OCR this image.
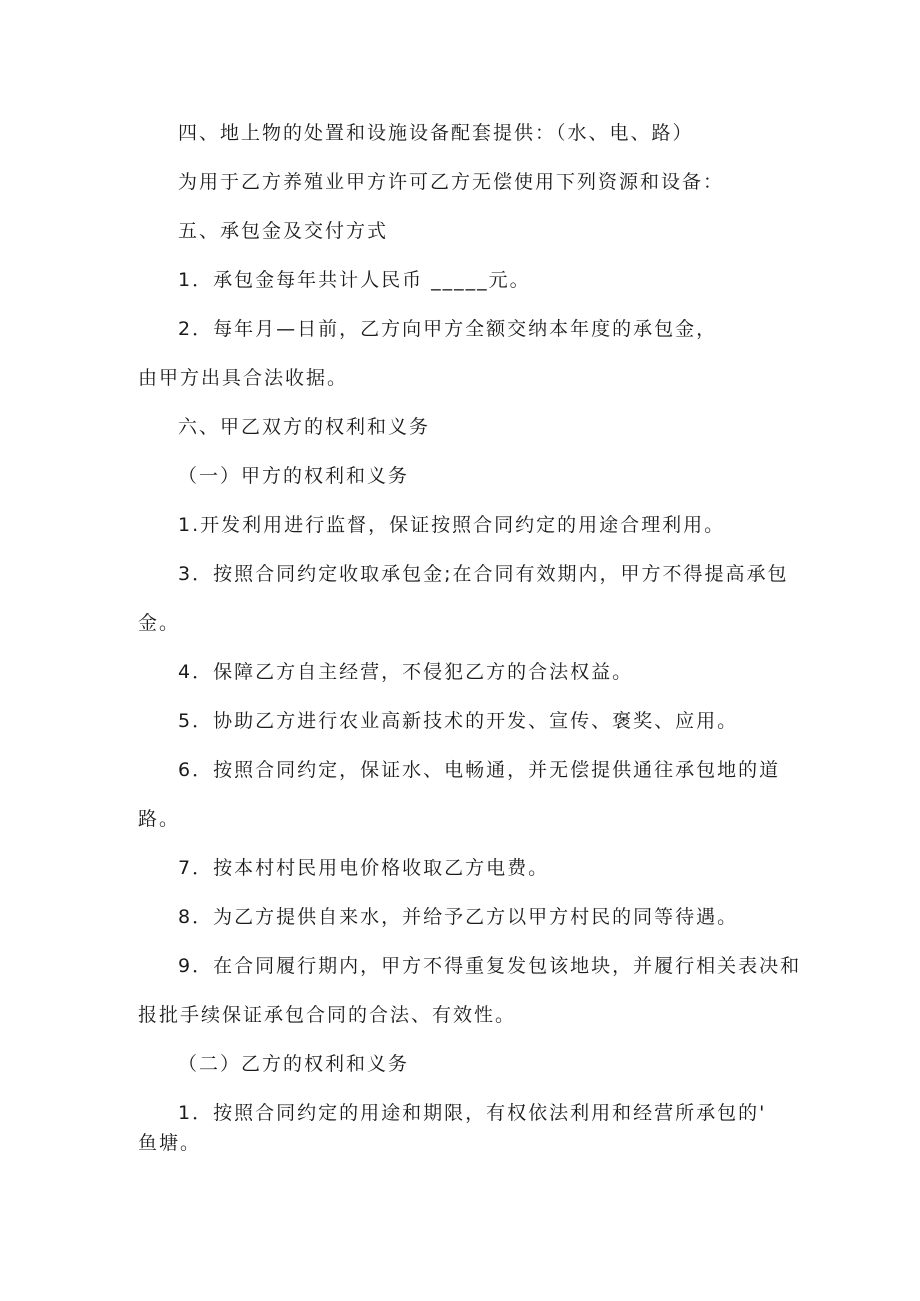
四、地上物的处置和设施设备配套提供：（水、电、路）
为用于乙方养殖业甲方许可乙方无偿使用下列资源和设备：
五、承包金及交付方式
1．承包金每年共计人民币 _____元。
2．每年月—日前，乙方向甲方全额交纳本年度的承包金，
由甲方出具合法收据。
六、甲乙双方的权利和义务
（一）甲方的权利和义务
1.开发利用进行监督，保证按照合同约定的用途合理利用。
3．按照合同约定收取承包金;在合同有效期内，甲方不得提高承包
金。
4．保障乙方自主经营，不侵犯乙方的合法权益。
5．协助乙方进行农业高新技术的开发、宣传、褒奖、应用。
6．按照合同约定，保证水、电畅通，并无偿提供通往承包地的道
路。
7．按本村村民用电价格收取乙方电费。
8．为乙方提供自来水，并给予乙方以甲方村民的同等待遇。
9．在合同履行期内，甲方不得重复发包该地块，并履行相关表决和
报批手续保证承包合同的合法、有效性。
（二）乙方的权利和义务
1．按照合同约定的用途和期限，有权依法利用和经营所承包的'
鱼塘。
